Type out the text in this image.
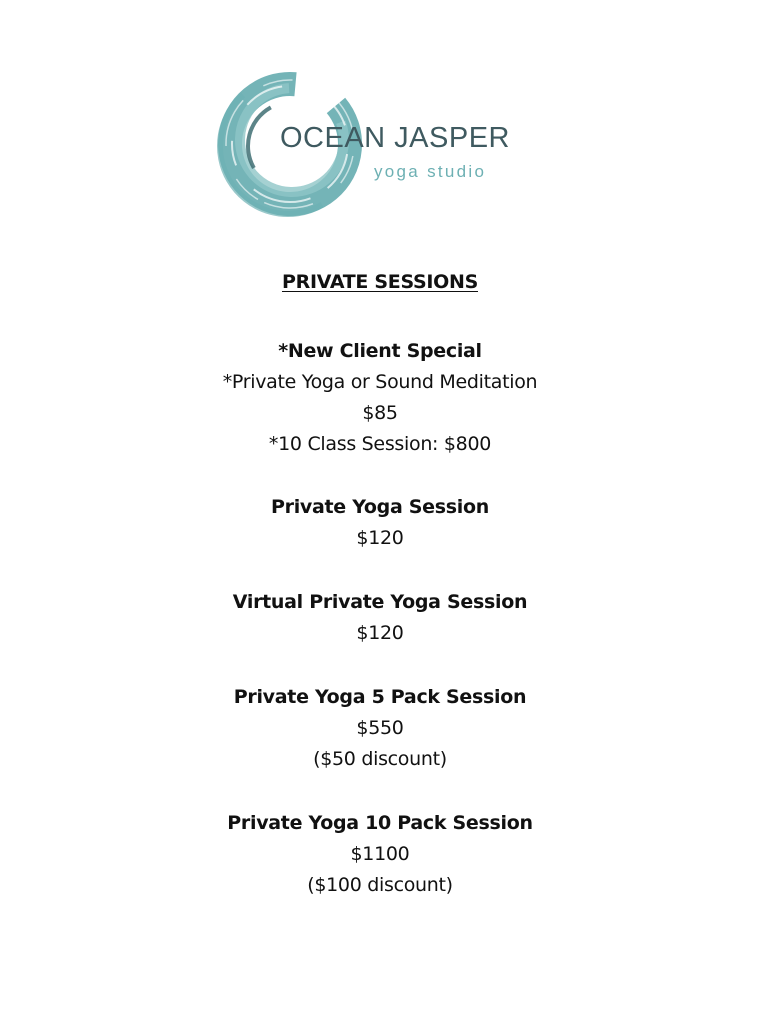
OCEAN JASPER
yoga studio

PRIVATE SESSIONS

*New Client Special

*Private Yoga or Sound Meditation

$85

*10 Class Session: $800

Private Yoga Session

$120

Virtual Private Yoga Session

$120

Private Yoga 5 Pack Session

$550

($50 discount)

Private Yoga 10 Pack Session

$1100

($100 discount)
